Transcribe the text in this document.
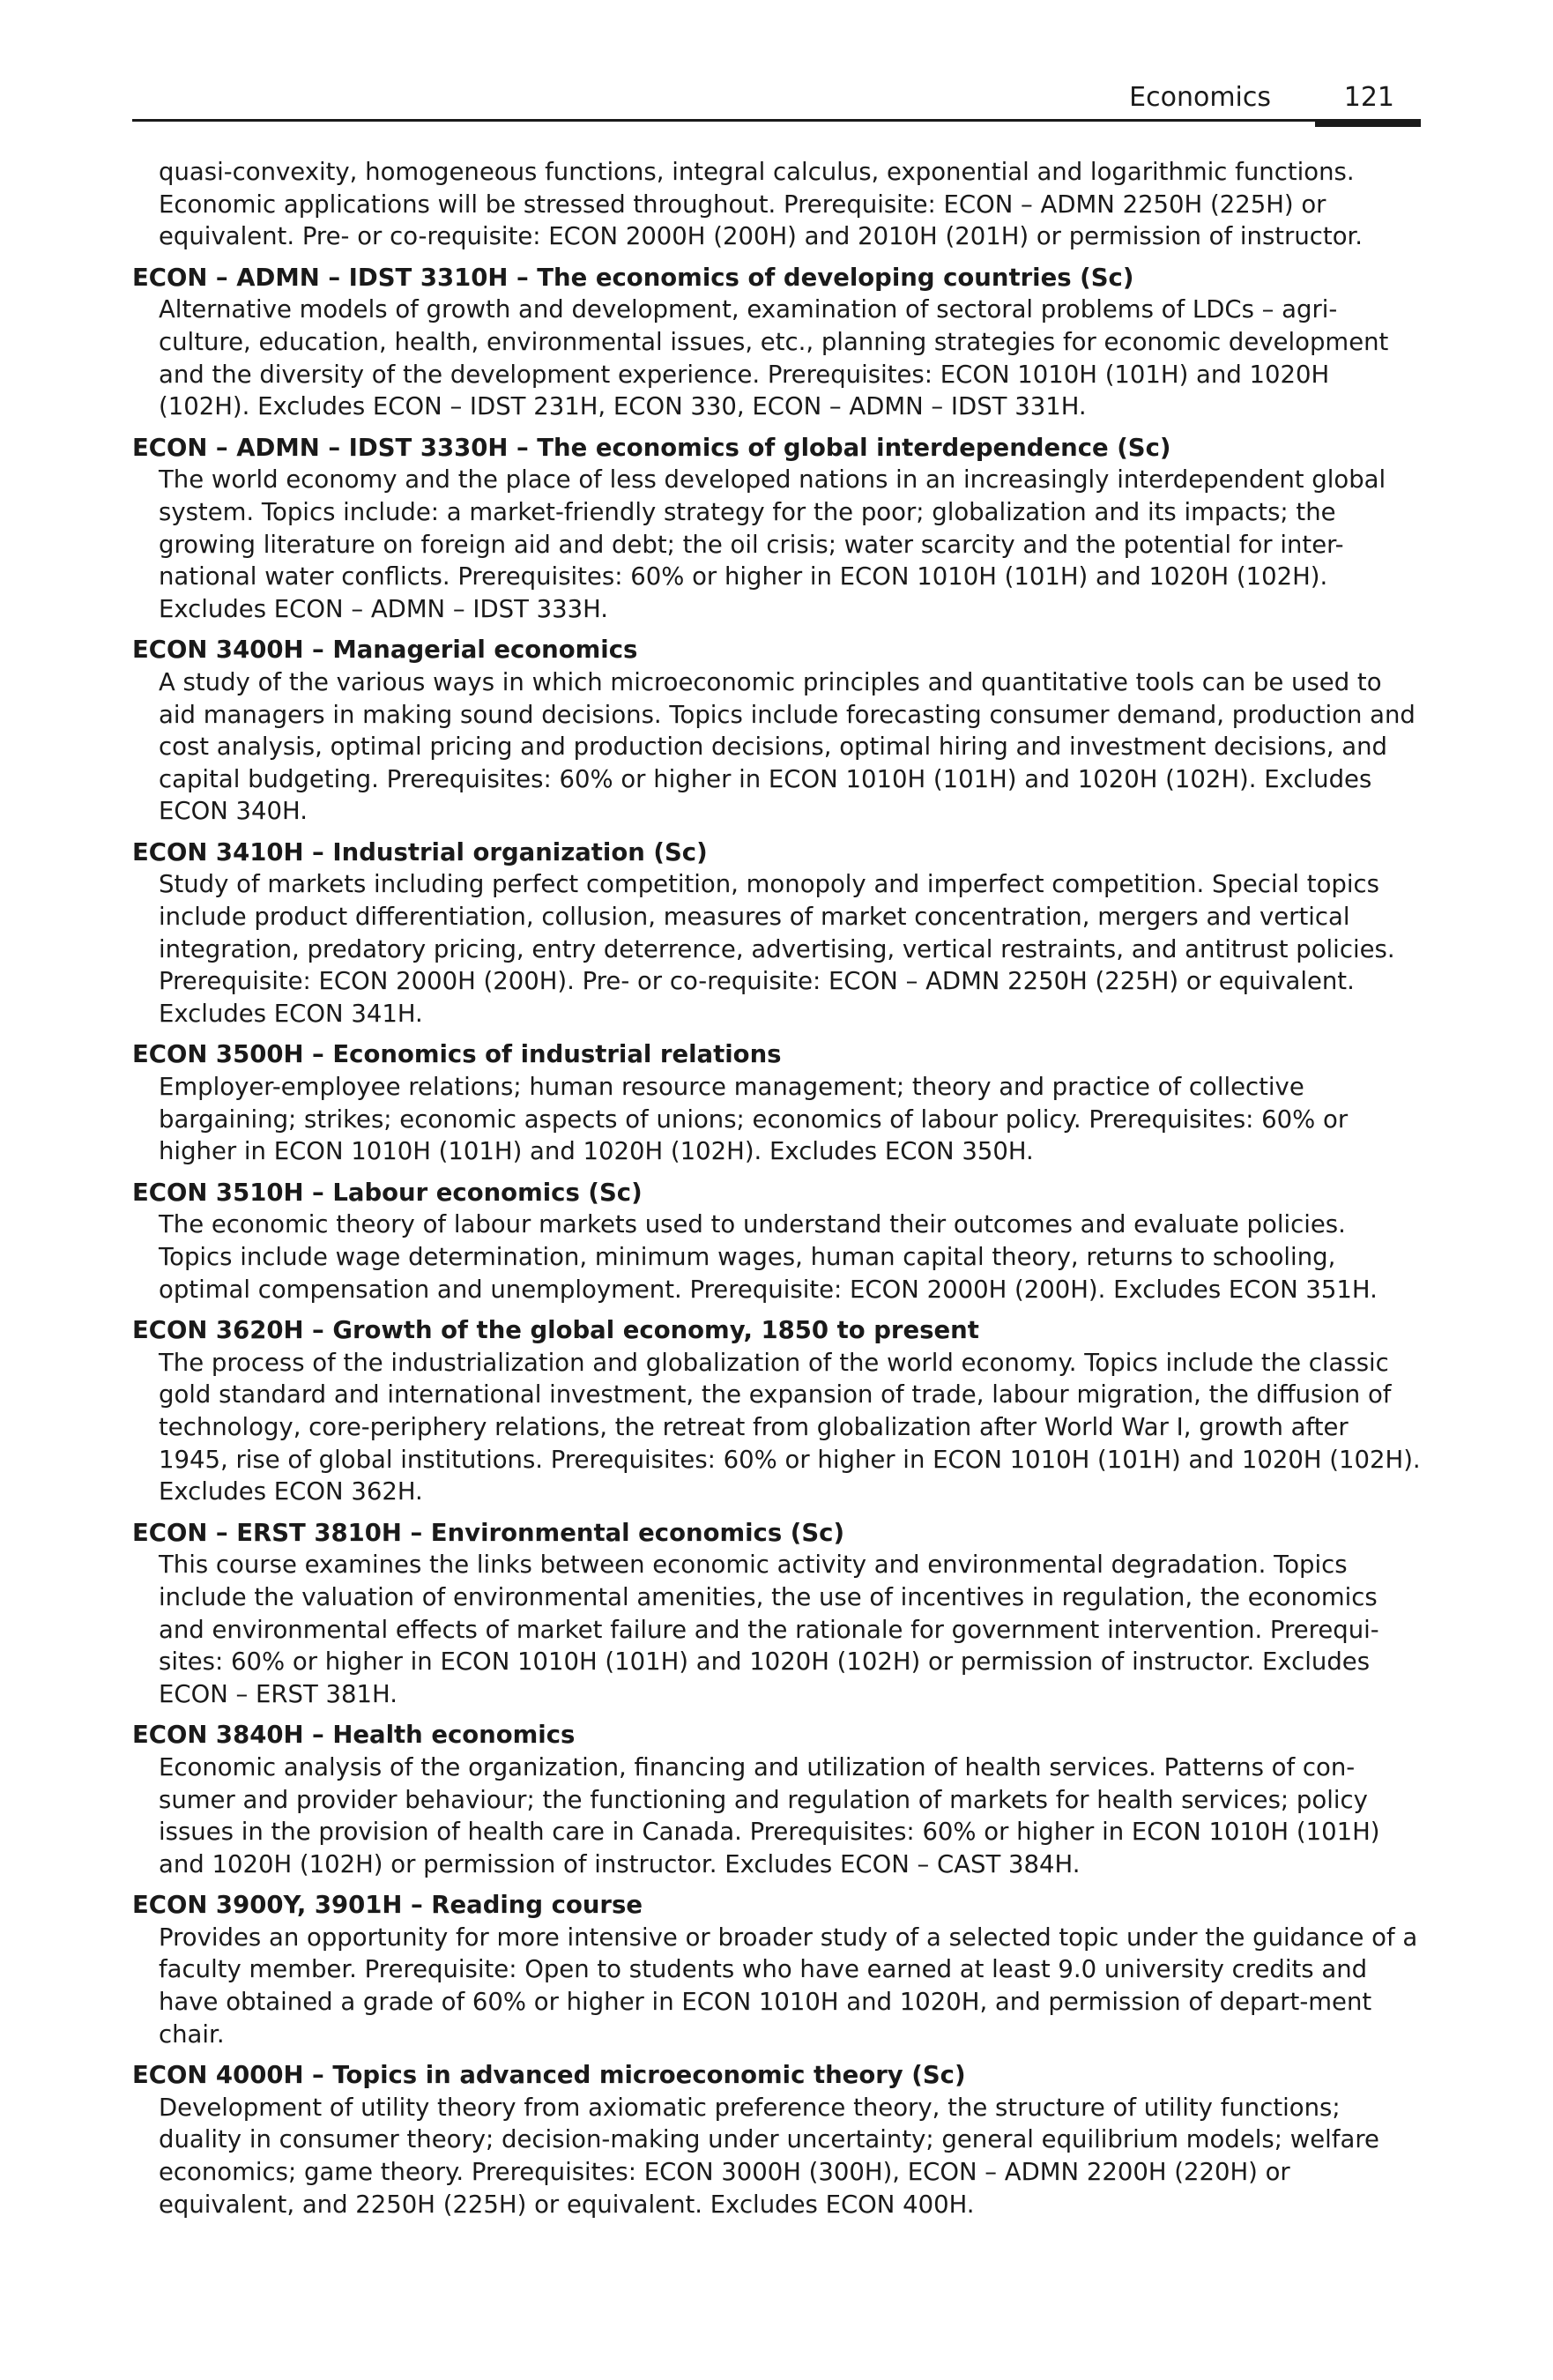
Economics	121

quasi-convexity, homogeneous functions, integral calculus, exponential and logarithmic functions. Economic applications will be stressed throughout. Prerequisite: ECON – ADMN 2250H (225H) or equivalent. Pre- or co-requisite: ECON 2000H (200H) and 2010H (201H) or permission of instructor.

ECON – ADMN – IDST 3310H – The economics of developing countries (Sc)

Alternative models of growth and development, examination of sectoral problems of LDCs – agri-culture, education, health, environmental issues, etc., planning strategies for economic development and the diversity of the development experience. Prerequisites: ECON 1010H (101H) and 1020H (102H). Excludes ECON – IDST 231H, ECON 330, ECON – ADMN – IDST 331H.

ECON – ADMN – IDST 3330H – The economics of global interdependence (Sc)

The world economy and the place of less developed nations in an increasingly interdependent global system. Topics include: a market-friendly strategy for the poor; globalization and its impacts; the growing literature on foreign aid and debt; the oil crisis; water scarcity and the potential for inter-national water conflicts. Prerequisites: 60% or higher in ECON 1010H (101H) and 1020H (102H). Excludes ECON – ADMN – IDST 333H.

ECON 3400H – Managerial economics

A study of the various ways in which microeconomic principles and quantitative tools can be used to aid managers in making sound decisions. Topics include forecasting consumer demand, production and cost analysis, optimal pricing and production decisions, optimal hiring and investment decisions, and capital budgeting. Prerequisites: 60% or higher in ECON 1010H (101H) and 1020H (102H). Excludes ECON 340H.

ECON 3410H – Industrial organization (Sc)

Study of markets including perfect competition, monopoly and imperfect competition. Special topics include product differentiation, collusion, measures of market concentration, mergers and vertical integration, predatory pricing, entry deterrence, advertising, vertical restraints, and antitrust policies. Prerequisite: ECON 2000H (200H). Pre- or co-requisite: ECON – ADMN 2250H (225H) or equivalent. Excludes ECON 341H.

ECON 3500H – Economics of industrial relations

Employer-employee relations; human resource management; theory and practice of collective bargaining; strikes; economic aspects of unions; economics of labour policy. Prerequisites: 60% or higher in ECON 1010H (101H) and 1020H (102H). Excludes ECON 350H.

ECON 3510H – Labour economics (Sc)

The economic theory of labour markets used to understand their outcomes and evaluate policies. Topics include wage determination, minimum wages, human capital theory, returns to schooling, optimal compensation and unemployment. Prerequisite: ECON 2000H (200H). Excludes ECON 351H.

ECON 3620H – Growth of the global economy, 1850 to present

The process of the industrialization and globalization of the world economy. Topics include the classic gold standard and international investment, the expansion of trade, labour migration, the diffusion of technology, core-periphery relations, the retreat from globalization after World War I, growth after 1945, rise of global institutions. Prerequisites: 60% or higher in ECON 1010H (101H) and 1020H (102H). Excludes ECON 362H.

ECON – ERST 3810H – Environmental economics (Sc)

This course examines the links between economic activity and environmental degradation. Topics include the valuation of environmental amenities, the use of incentives in regulation, the economics and environmental effects of market failure and the rationale for government intervention. Prerequi-sites: 60% or higher in ECON 1010H (101H) and 1020H (102H) or permission of instructor. Excludes ECON – ERST 381H.

ECON 3840H – Health economics

Economic analysis of the organization, financing and utilization of health services. Patterns of con-sumer and provider behaviour; the functioning and regulation of markets for health services; policy issues in the provision of health care in Canada. Prerequisites: 60% or higher in ECON 1010H (101H) and 1020H (102H) or permission of instructor. Excludes ECON – CAST 384H.

ECON 3900Y, 3901H – Reading course

Provides an opportunity for more intensive or broader study of a selected topic under the guidance of a faculty member. Prerequisite: Open to students who have earned at least 9.0 university credits and have obtained a grade of 60% or higher in ECON 1010H and 1020H, and permission of depart-ment chair.

ECON 4000H – Topics in advanced microeconomic theory (Sc)

Development of utility theory from axiomatic preference theory, the structure of utility functions; duality in consumer theory; decision-making under uncertainty; general equilibrium models; welfare economics; game theory. Prerequisites: ECON 3000H (300H), ECON – ADMN 2200H (220H) or equivalent, and 2250H (225H) or equivalent. Excludes ECON 400H.
